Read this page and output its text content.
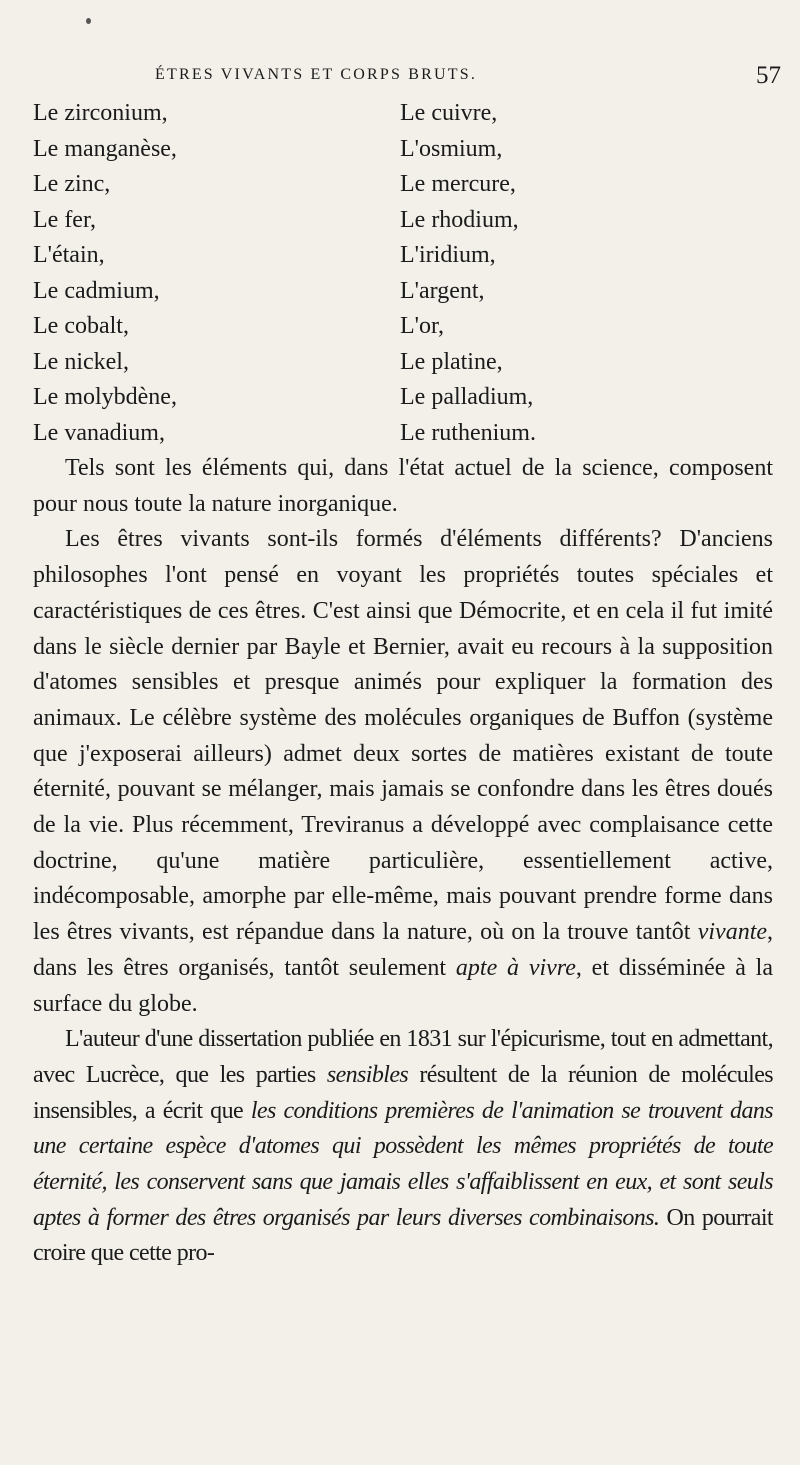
ÉTRES VIVANTS ET CORPS BRUTS.	57
Le zirconium,
Le manganèse,
Le zinc,
Le fer,
L'étain,
Le cadmium,
Le cobalt,
Le nickel,
Le molybdène,
Le vanadium,
Le cuivre,
L'osmium,
Le mercure,
Le rhodium,
L'iridium,
L'argent,
L'or,
Le platine,
Le palladium,
Le ruthenium.

Tels sont les éléments qui, dans l'état actuel de la science, composent pour nous toute la nature inorganique.

Les êtres vivants sont-ils formés d'éléments différents? D'anciens philosophes l'ont pensé en voyant les propriétés toutes spéciales et caractéristiques de ces êtres. C'est ainsi que Démocrite, et en cela il fut imité dans le siècle dernier par Bayle et Bernier, avait eu recours à la supposition d'atomes sensibles et presque animés pour expliquer la formation des animaux. Le célèbre système des molécules organiques de Buffon (système que j'exposerai ailleurs) admet deux sortes de matières existant de toute éternité, pouvant se mélanger, mais jamais se confondre dans les êtres doués de la vie. Plus récemment, Treviranus a développé avec complaisance cette doctrine, qu'une matière particulière, essentiellement active, indécomposable, amorphe par elle-même, mais pouvant prendre forme dans les êtres vivants, est répandue dans la nature, où on la trouve tantôt vivante, dans les êtres organisés, tantôt seulement apte à vivre, et disséminée à la surface du globe.

L'auteur d'une dissertation publiée en 1831 sur l'épicurisme, tout en admettant, avec Lucrèce, que les parties sensibles résultent de la réunion de molécules insensibles, a écrit que les conditions premières de l'animation se trouvent dans une certaine espèce d'atomes qui possèdent les mêmes propriétés de toute éternité, les conservent sans que jamais elles s'affaiblissent en eux, et sont seuls aptes à former des êtres organisés par leurs diverses combinaisons. On pourrait croire que cette pro-
